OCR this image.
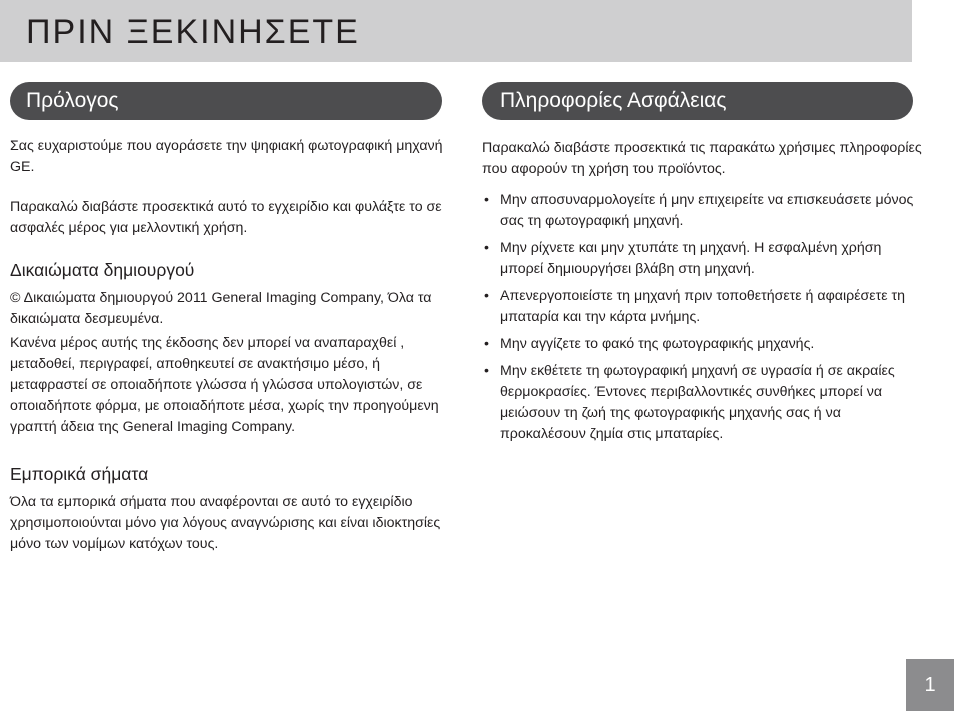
ΠΡΙΝ ΞΕΚΙΝΗΣΕΤΕ
Πρόλογος	Πληροφορίες Ασφάλειας

Σας ευχαριστούμε που αγοράσετε την ψηφιακή φωτογραφική μηχανή GE.

Παρακαλώ διαβάστε προσεκτικά αυτό το εγχειρίδιο και φυλάξτε το σε ασφαλές μέρος για μελλοντική χρήση.

Δικαιώματα δημιουργού

© Δικαιώματα δημιουργού 2011 General Imaging Company, Όλα τα δικαιώματα δεσμευμένα.

Κανένα μέρος αυτής της έκδοσης δεν μπορεί να αναπαραχθεί , μεταδοθεί, περιγραφεί, αποθηκευτεί σε ανακτήσιμο μέσο, ή μεταφραστεί σε οποιαδήποτε γλώσσα ή γλώσσα υπολογιστών, σε οποιαδήποτε φόρμα, με οποιαδήποτε μέσα, χωρίς την προηγούμενη γραπτή άδεια της General Imaging Company.

Εμπορικά σήματα

Όλα τα εμπορικά σήματα που αναφέρονται σε αυτό το εγχειρίδιο χρησιμοποιούνται μόνο για λόγους αναγνώρισης και είναι ιδιοκτησίες μόνο των νομίμων κατόχων τους.

Παρακαλώ διαβάστε προσεκτικά τις παρακάτω χρήσιμες πληροφορίες που αφορούν τη χρήση του προϊόντος.

• Μην αποσυναρμολογείτε ή μην επιχειρείτε να επισκευάσετε μόνος σας τη φωτογραφική μηχανή.
• Μην ρίχνετε και μην χτυπάτε τη μηχανή. Η εσφαλμένη χρήση μπορεί δημιουργήσει βλάβη στη μηχανή.
• Απενεργοποιείστε τη μηχανή πριν τοποθετήσετε ή αφαιρέσετε τη μπαταρία και την κάρτα μνήμης.
• Μην αγγίζετε το φακό της φωτογραφικής μηχανής.
• Μην εκθέτετε τη φωτογραφική μηχανή σε υγρασία ή σε ακραίες θερμοκρασίες. Έντονες περιβαλλοντικές συνθήκες μπορεί να μειώσουν τη ζωή της φωτογραφικής μηχανής σας ή να προκαλέσουν ζημία στις μπαταρίες.
1
